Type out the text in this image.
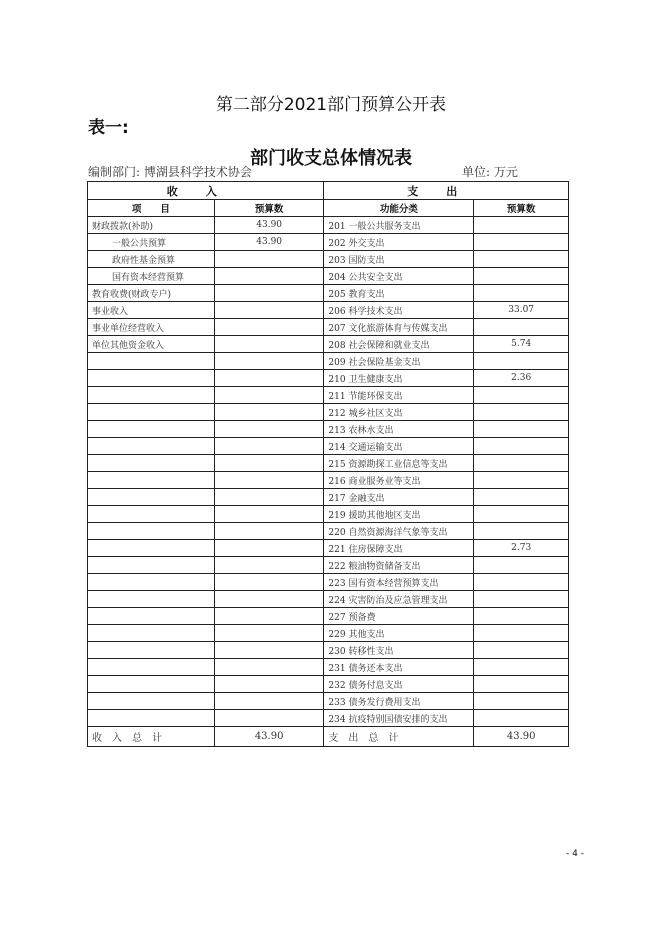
第二部分2021部门预算公开表
表一:
部门收支总体情况表
编制部门: 博湖县科学技术协会	单位: 万元
收入		支出	
项　　目	预算数	功能分类	预算数
财政拨款(补助)	43.90	201 一般公共服务支出	
一般公共预算	43.90	202 外交支出	
政府性基金预算		203 国防支出	
国有资本经营预算		204 公共安全支出	
教育收费(财政专户)		205 教育支出	
事业收入		206 科学技术支出	33.07
事业单位经营收入		207 文化旅游体育与传媒支出	
单位其他资金收入		208 社会保障和就业支出	5.74
		209 社会保险基金支出	
		210 卫生健康支出	2.36
		211 节能环保支出	
		212 城乡社区支出	
		213 农林水支出	
		214 交通运输支出	
		215 资源勘探工业信息等支出	
		216 商业服务业等支出	
		217 金融支出	
		219 援助其他地区支出	
		220 自然资源海洋气象等支出	
		221 住房保障支出	2.73
		222 粮油物资储备支出	
		223 国有资本经营预算支出	
		224 灾害防治及应急管理支出	
		227 预备费	
		229 其他支出	
		230 转移性支出	
		231 债务还本支出	
		232 债务付息支出	
		233 债务发行费用支出	
		234 抗疫特别国债安排的支出	
收　入　总　计	43.90	支　出　总　计	43.90
- 4 -
